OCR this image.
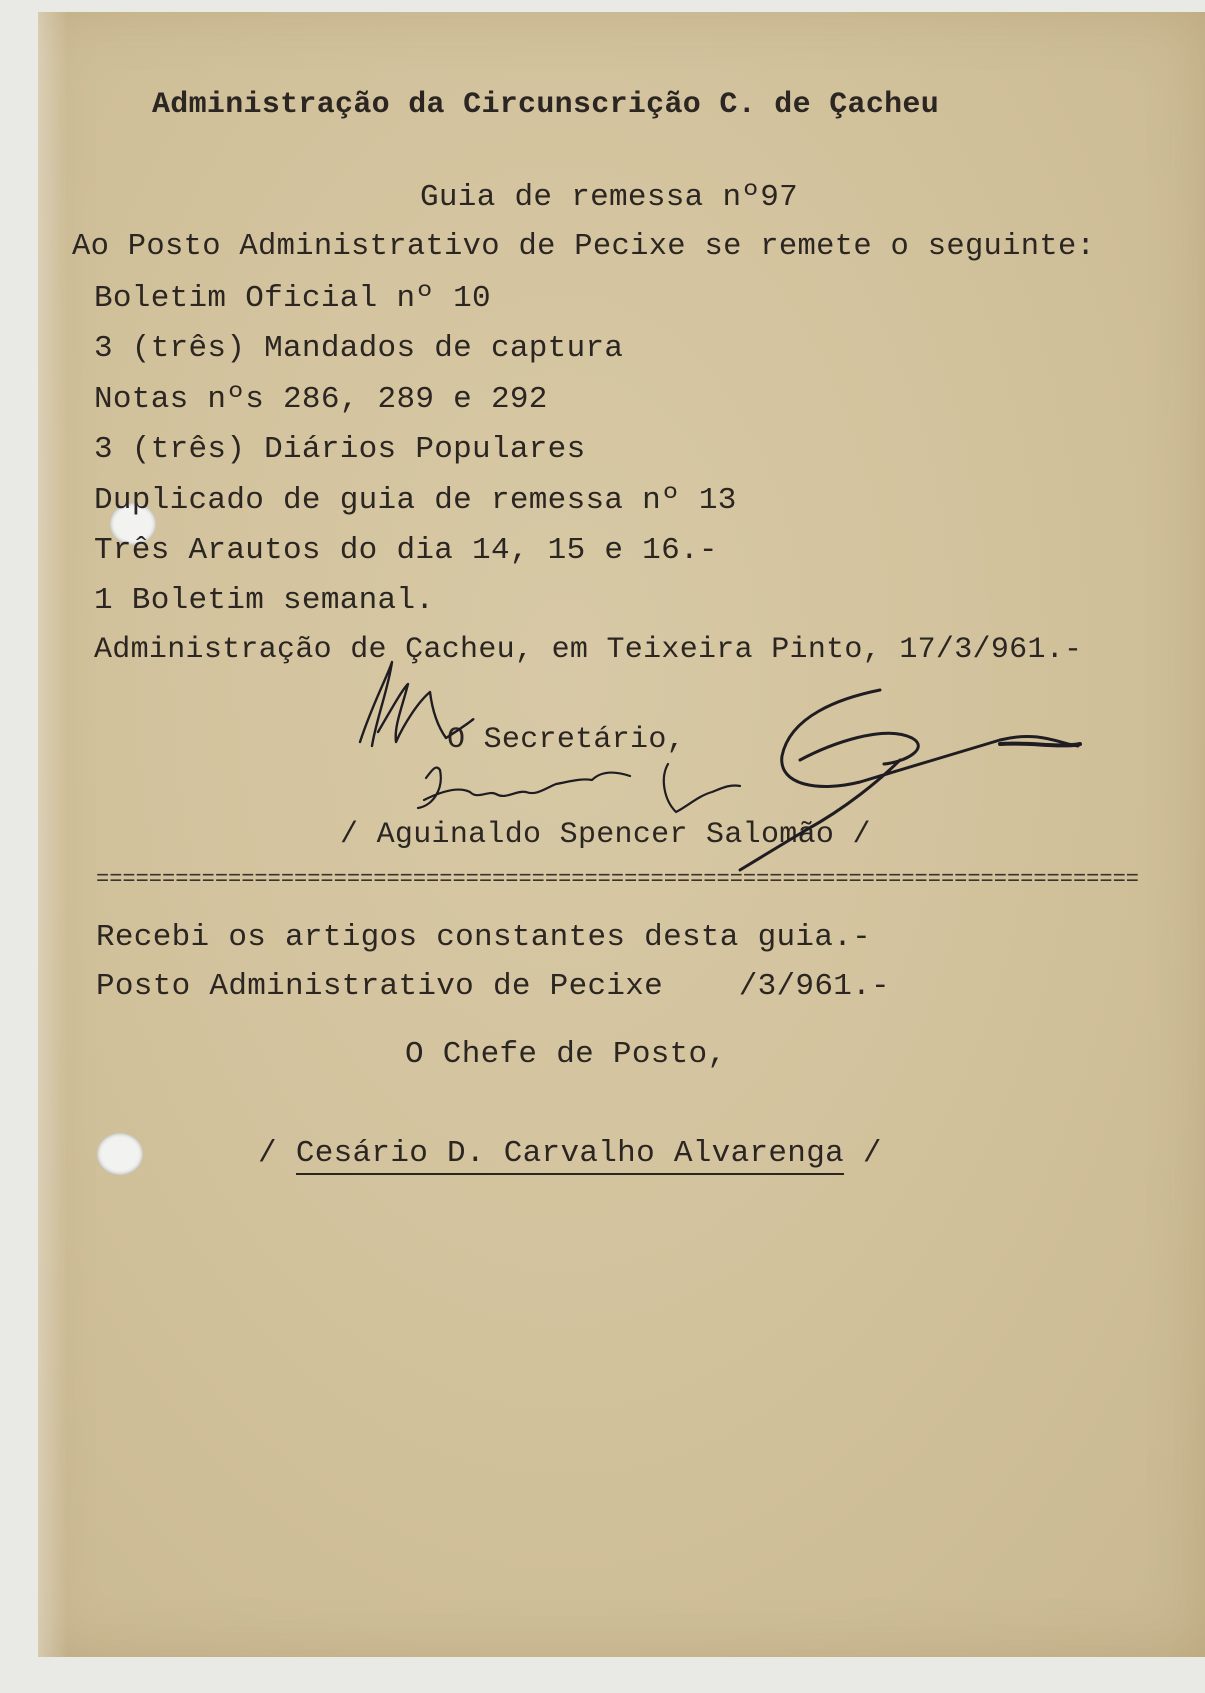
Administração da Circunscrição C. de Çacheu
Guia de remessa nº97
Ao Posto Administrativo de Pecixe se remete o seguinte:
Boletim Oficial nº 10
3 (três) Mandados de captura
Notas nºs 286, 289 e 292
3 (três) Diários Populares
Duplicado de guia de remessa nº 13
Três Arautos do dia 14, 15 e 16.-
1 Boletim semanal.
Administração de Çacheu, em Teixeira Pinto, 17/3/961.-
O Secretário,
/ Aguinaldo Spencer Salomão /
===============================================================================
Recebi os artigos constantes desta guia.-
Posto Administrativo de Pecixe    /3/961.-
O Chefe de Posto,
/ Cesário D. Carvalho Alvarenga /
